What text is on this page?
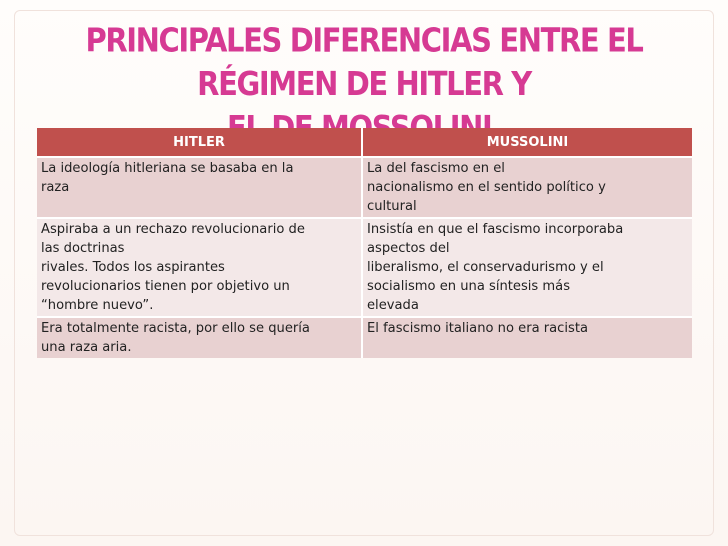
PRINCIPALES DIFERENCIAS ENTRE EL RÉGIMEN DE HITLER Y
HITLER	MUSSOLINI

La ideología hitleriana se basaba en la
raza	La del fascismo en el
nacionalismo en el sentido político y
cultural

Aspiraba a un rechazo revolucionario de
las doctrinas
rivales. Todos los aspirantes
revolucionarios tienen por objetivo un
“hombre nuevo”.	Insistía en que el fascismo incorporaba
aspectos del
liberalismo, el conservadurismo y el
socialismo en una síntesis más
elevada

Era totalmente racista, por ello se quería
una raza aria.	El fascismo italiano no era racista
